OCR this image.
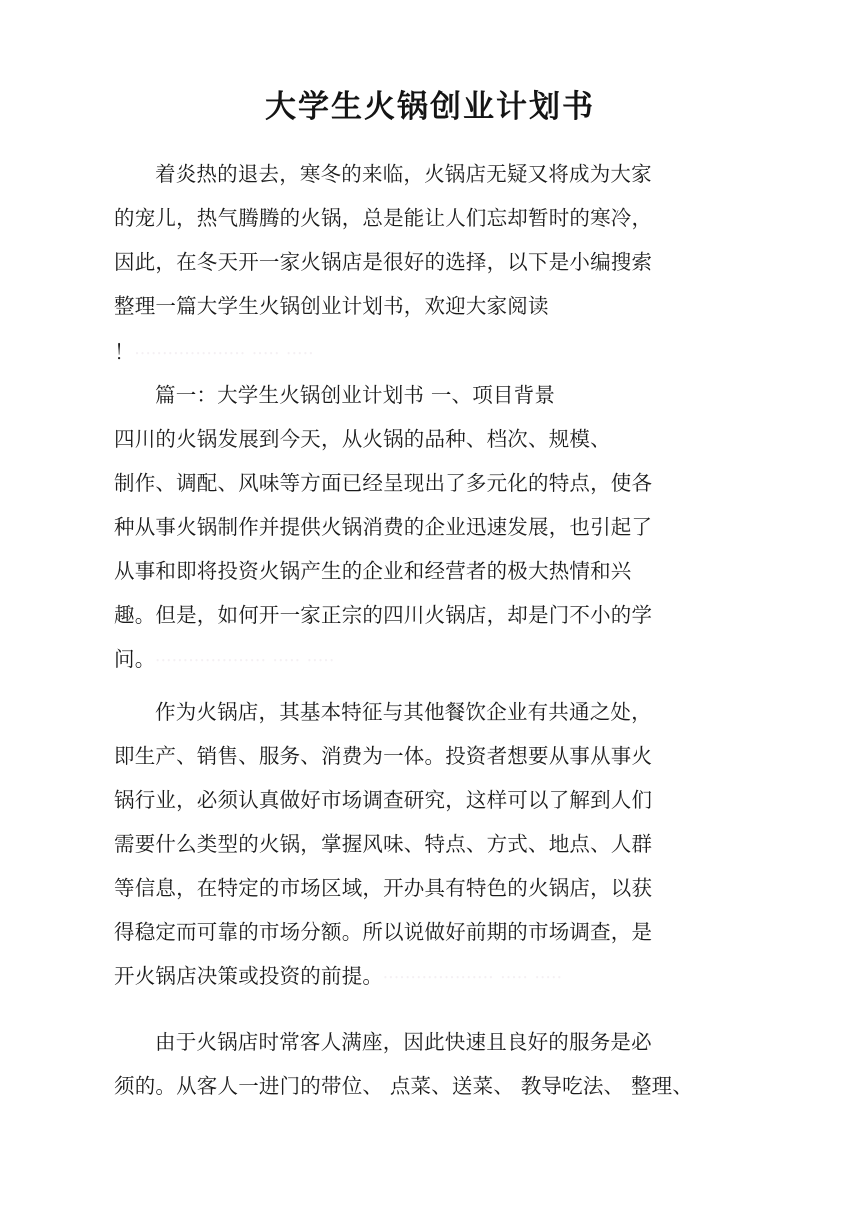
大学生火锅创业计划书
着炎热的退去，寒冬的来临，火锅店无疑又将成为大家
的宠儿，热气腾腾的火锅，总是能让人们忘却暂时的寒冷，
因此，在冬天开一家火锅店是很好的选择，以下是小编搜索
整理一篇大学生火锅创业计划书，欢迎大家阅读
！⸱⸱⸱⸱⸱⸱⸱⸱⸱⸱⸱⸱⸱⸱⸱⸱⸱⸱⸱⸱ ⸱⸱⸱⸱⸱ ⸱⸱⸱⸱⸱
篇一：大学生火锅创业计划书 一、项目背景
四川的火锅发展到今天，从火锅的品种、档次、规模、
制作、调配、风味等方面已经呈现出了多元化的特点，使各
种从事火锅制作并提供火锅消费的企业迅速发展，也引起了
从事和即将投资火锅产生的企业和经营者的极大热情和兴
趣。但是，如何开一家正宗的四川火锅店，却是门不小的学
问。⸱⸱⸱⸱⸱⸱⸱⸱⸱⸱⸱⸱⸱⸱⸱⸱⸱⸱⸱⸱ ⸱⸱⸱⸱⸱ ⸱⸱⸱⸱⸱
作为火锅店，其基本特征与其他餐饮企业有共通之处，
即生产、销售、服务、消费为一体。投资者想要从事从事火
锅行业，必须认真做好市场调查研究，这样可以了解到人们
需要什么类型的火锅，掌握风味、特点、方式、地点、人群
等信息，在特定的市场区域，开办具有特色的火锅店，以获
得稳定而可靠的市场分额。所以说做好前期的市场调查，是
开火锅店决策或投资的前提。⸱⸱⸱⸱⸱⸱⸱⸱⸱⸱⸱⸱⸱⸱⸱⸱⸱⸱⸱⸱ ⸱⸱⸱⸱⸱ ⸱⸱⸱⸱⸱
由于火锅店时常客人满座，因此快速且良好的服务是必
须的。从客人一进门的带位、 点菜、送菜、 教导吃法、 整理、
